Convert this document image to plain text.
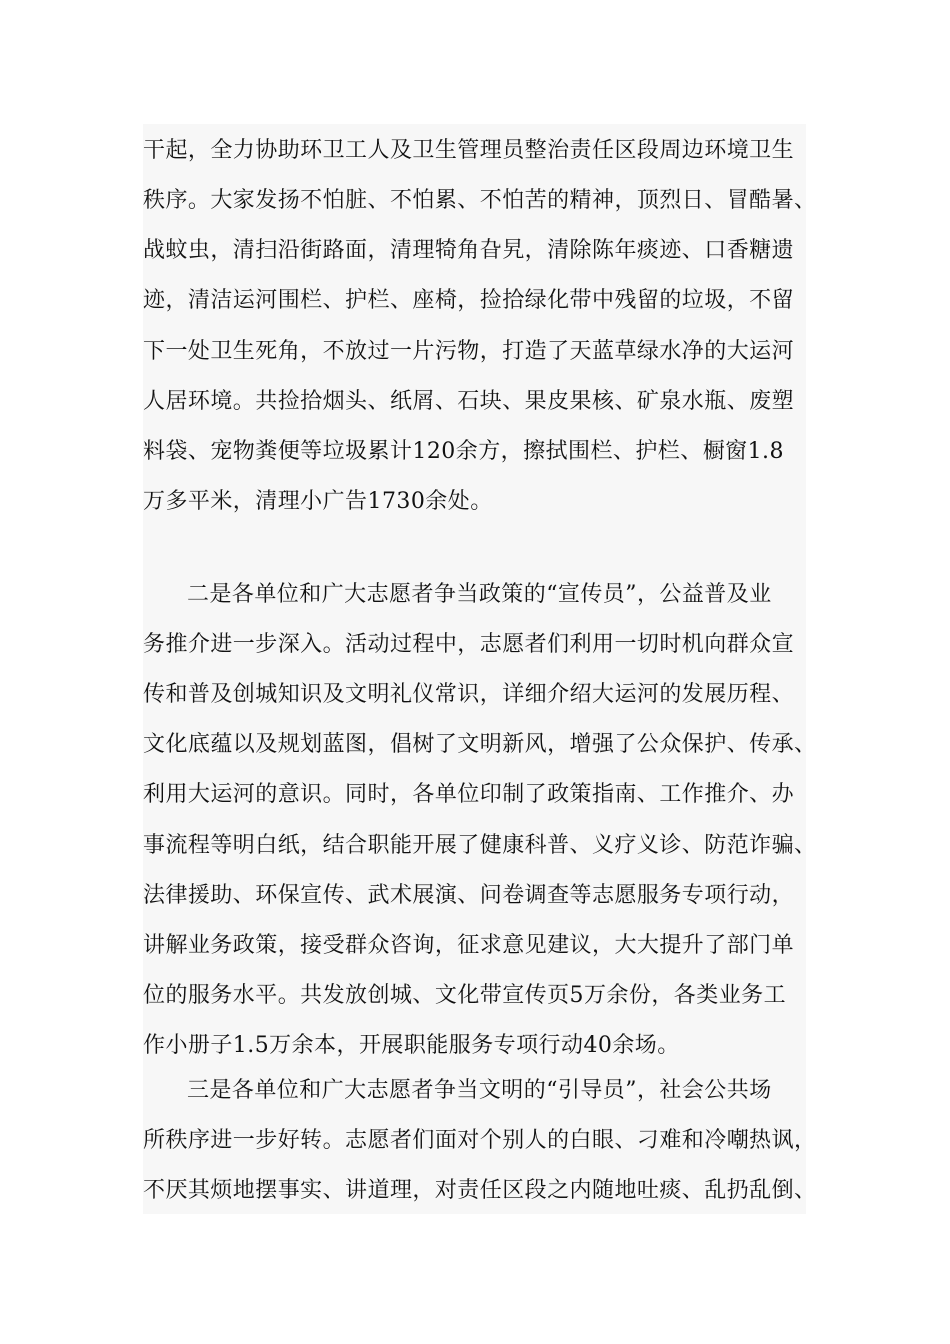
干起，全力协助环卫工人及卫生管理员整治责任区段周边环境卫生
秩序。大家发扬不怕脏、不怕累、不怕苦的精神，顶烈日、冒酷暑、
战蚊虫，清扫沿街路面，清理犄角旮旯，清除陈年痰迹、口香糖遗
迹，清洁运河围栏、护栏、座椅，捡拾绿化带中残留的垃圾，不留
下一处卫生死角，不放过一片污物，打造了天蓝草绿水净的大运河
人居环境。共捡拾烟头、纸屑、石块、果皮果核、矿泉水瓶、废塑
料袋、宠物粪便等垃圾累计120余方，擦拭围栏、护栏、橱窗1.8
万多平米，清理小广告1730余处。
二是各单位和广大志愿者争当政策的“宣传员”，公益普及业
务推介进一步深入。活动过程中，志愿者们利用一切时机向群众宣
传和普及创城知识及文明礼仪常识，详细介绍大运河的发展历程、
文化底蕴以及规划蓝图，倡树了文明新风，增强了公众保护、传承、
利用大运河的意识。同时，各单位印制了政策指南、工作推介、办
事流程等明白纸，结合职能开展了健康科普、义疗义诊、防范诈骗、
法律援助、环保宣传、武术展演、问卷调查等志愿服务专项行动，
讲解业务政策，接受群众咨询，征求意见建议，大大提升了部门单
位的服务水平。共发放创城、文化带宣传页5万余份，各类业务工
作小册子1.5万余本，开展职能服务专项行动40余场。
三是各单位和广大志愿者争当文明的“引导员”，社会公共场
所秩序进一步好转。志愿者们面对个别人的白眼、刁难和冷嘲热讽，
不厌其烦地摆事实、讲道理，对责任区段之内随地吐痰、乱扔乱倒、
